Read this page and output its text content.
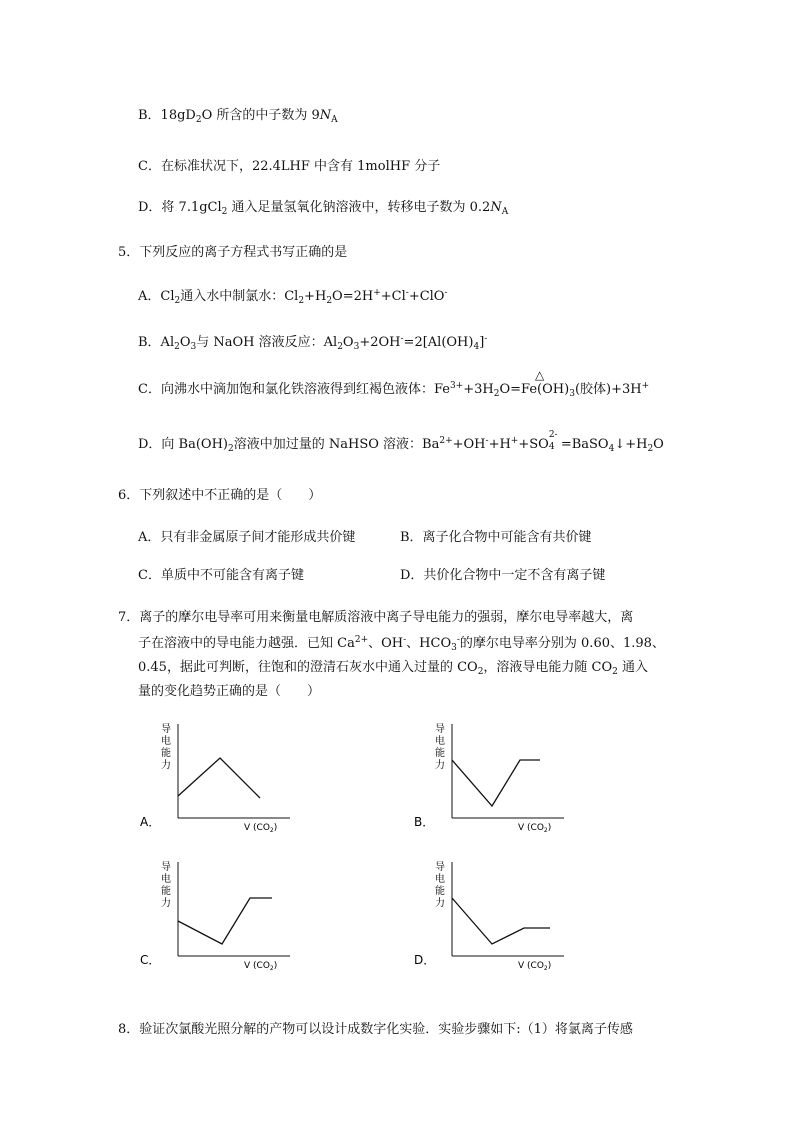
B．$18gD_2O$ 所含的中子数为 $9N_A$
C．在标准状况下，22.4LHF 中含有 1molHF 分子
D．将 7.1gCl$_2$ 通入足量氢氧化钠溶液中，转移电子数为 $0.2N_A$
5．下列反应的离子方程式书写正确的是
A．$Cl_2$通入水中制氯水：$Cl_2+H_2O=2H^++Cl^-+ClO^-$
B．$Al_2O_3$与 NaOH 溶液反应：$Al_2O_3+2OH^-=2[Al(OH)_4]^-$
C．向沸水中滴加饱和氯化铁溶液得到红褐色液体：$Fe^{3+}+3H_2O$
△
$=Fe(OH)_3$(胶体)+3H+
D．向 $Ba(OH)_2$溶液中加过量的 NaHSO 溶液：$Ba^{2+}+OH^-+H^++SO$
2-
$4 =BaSO_4↓+H_2O$
6．下列叙述中不正确的是（　　）
A．只有非金属原子间才能形成共价键	B．离子化合物中可能含有共价键
C．单质中不可能含有离子键	D．共价化合物中一定不含有离子键
7．离子的摩尔电导率可用来衡量电解质溶液中离子导电能力的强弱，摩尔电导率越大，离
子在溶液中的导电能力越强．已知 $Ca^{2+}$、OH-、$HCO_3^-$的摩尔电导率分别为 0.60、1.98、
0.45，据此可判断，往饱和的澄清石灰水中通入过量的 $CO_2$，溶液导电能力随 $CO_2$ 通入
量的变化趋势正确的是（　　）
导
电
能
力
V $(CO_2)$
A．
导
电
能
力
V $(CO_2)$
B．
导
电
能
力
V $(CO_2)$
C．
导
电
能
力
V $(CO_2)$
D．
8．验证次氯酸光照分解的产物可以设计成数字化实验．实验步骤如下:（1）将氯离子传感
